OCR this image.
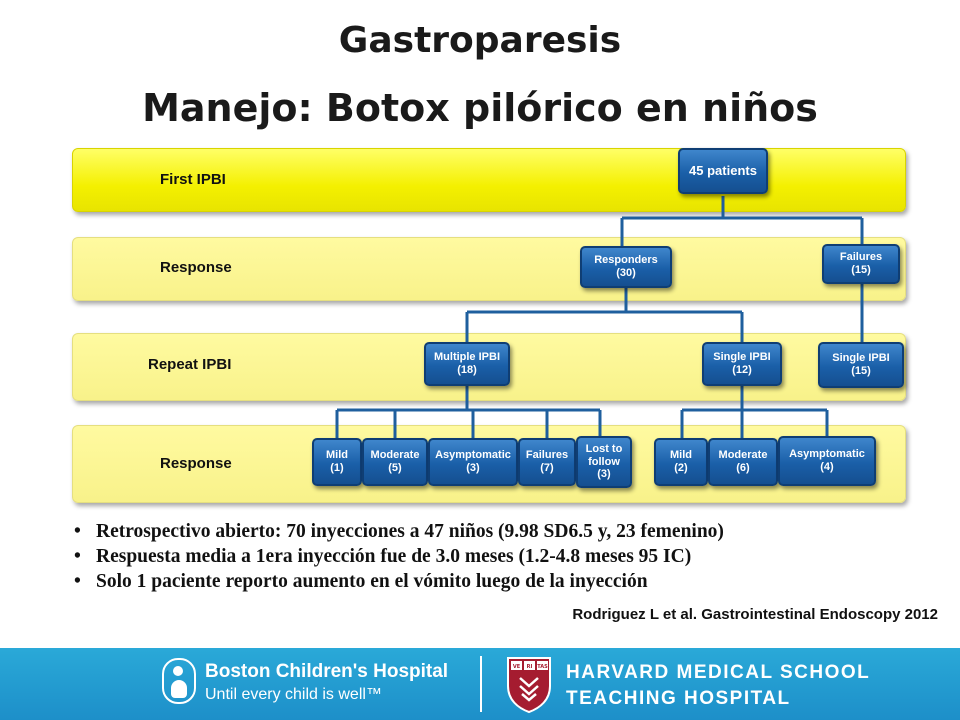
Gastroparesis
Manejo: Botox pilórico en niños
First IPBI
Response
Repeat IPBI
Response
45 patients
Responders
(30)
Failures
(15)
Multiple IPBI
(18)
Single IPBI
(12)
Single IPBI
(15)
Mild
(1)
Moderate
(5)
Asymptomatic
(3)
Failures
(7)
Lost to
follow
(3)
Mild
(2)
Moderate
(6)
Asymptomatic
(4)
• Retrospectivo abierto: 70 inyecciones a 47 niños (9.98 SD6.5 y, 23 femenino)
• Respuesta media a 1era inyección fue de 3.0 meses (1.2-4.8 meses 95 IC)
• Solo 1 paciente reporto aumento en el vómito luego de la inyección
Rodriguez L et al. Gastrointestinal Endoscopy 2012
Boston Children's Hospital
Until every child is well™
VE RI TAS HARVARD MEDICAL SCHOOL
TEACHING HOSPITAL
